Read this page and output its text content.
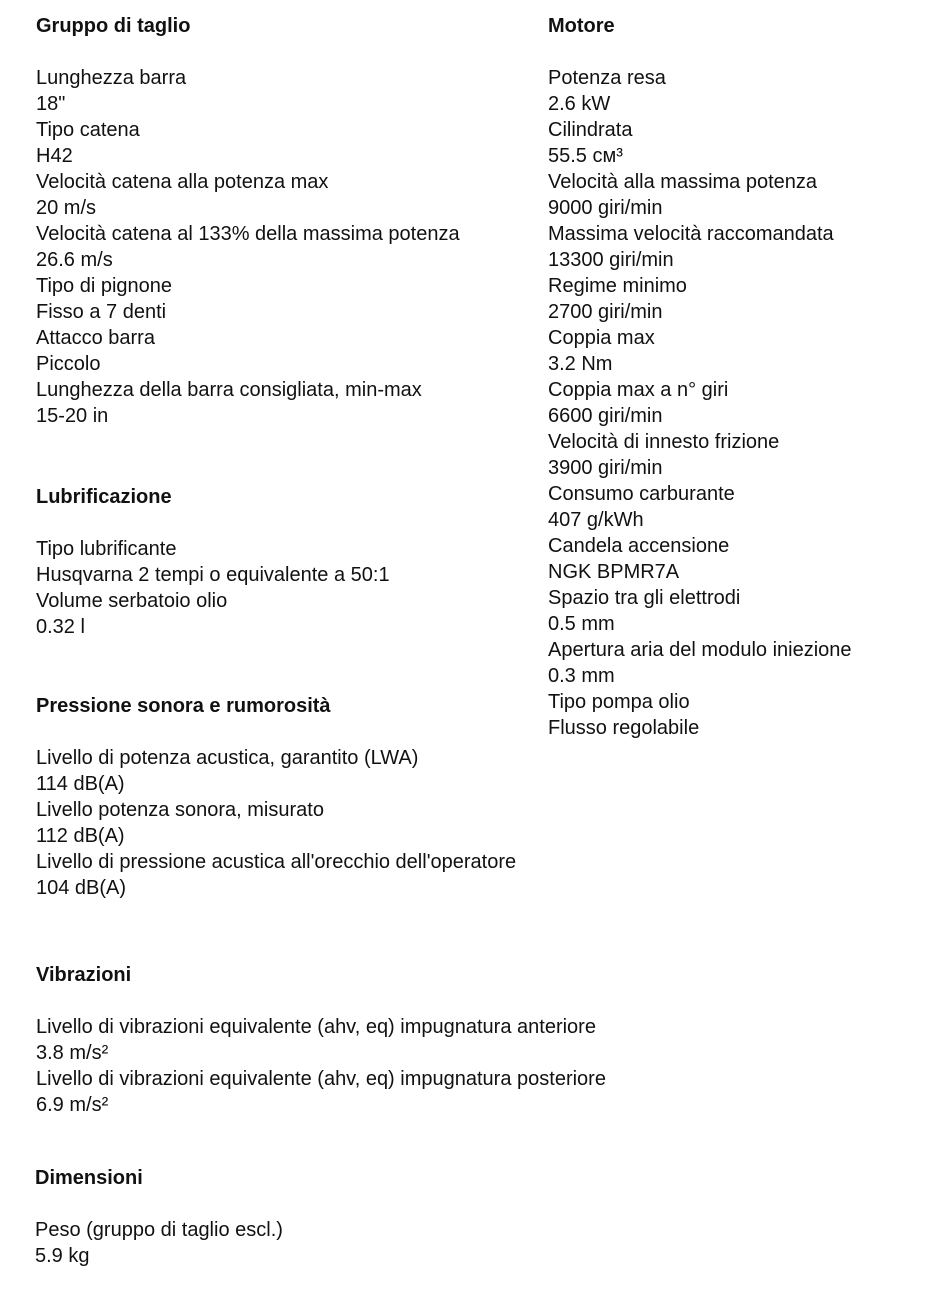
Gruppo di taglio
Lunghezza barra
18"
Tipo catena
H42
Velocità catena alla potenza max
20 m/s
Velocità catena al 133% della massima potenza
26.6 m/s
Tipo di pignone
Fisso a 7 denti
Attacco barra
Piccolo
Lunghezza della barra consigliata, min-max
15-20 in
Lubrificazione
Tipo lubrificante
Husqvarna 2 tempi o equivalente a 50:1
Volume serbatoio olio
0.32 l
Pressione sonora e rumorosità
Livello di potenza acustica, garantito (LWA)
114 dB(A)
Livello potenza sonora, misurato
112 dB(A)
Livello di pressione acustica all'orecchio dell'operatore
104 dB(A)
Vibrazioni
Livello di vibrazioni equivalente (ahv, eq) impugnatura anteriore
3.8 m/s²
Livello di vibrazioni equivalente (ahv, eq) impugnatura posteriore
6.9 m/s²
Dimensioni
Peso (gruppo di taglio escl.)
5.9 kg
Motore
Potenza resa
2.6 kW
Cilindrata
55.5 см³
Velocità alla massima potenza
9000 giri/min
Massima velocità raccomandata
13300 giri/min
Regime minimo
2700 giri/min
Coppia max
3.2 Nm
Coppia max a n° giri
6600 giri/min
Velocità di innesto frizione
3900 giri/min
Consumo carburante
407 g/kWh
Candela accensione
NGK BPMR7A
Spazio tra gli elettrodi
0.5 mm
Apertura aria del modulo iniezione
0.3 mm
Tipo pompa olio
Flusso regolabile
